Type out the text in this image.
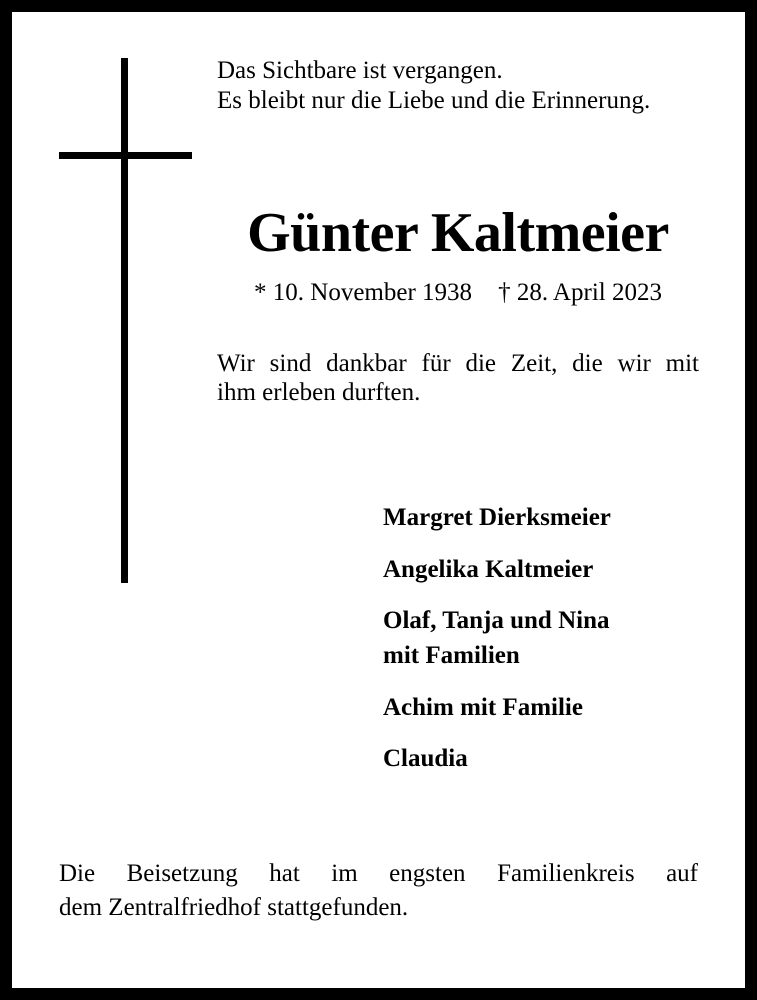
Das Sichtbare ist vergangen.
Es bleibt nur die Liebe und die Erinnerung.
Günter Kaltmeier
* 10. November 1938 † 28. April 2023
Wir sind dankbar für die Zeit, die wir mit
ihm erleben durften.
Margret Dierksmeier
Angelika Kaltmeier
Olaf, Tanja und Nina
mit Familien
Achim mit Familie
Claudia
Die Beisetzung hat im engsten Familienkreis auf
dem Zentralfriedhof stattgefunden.
